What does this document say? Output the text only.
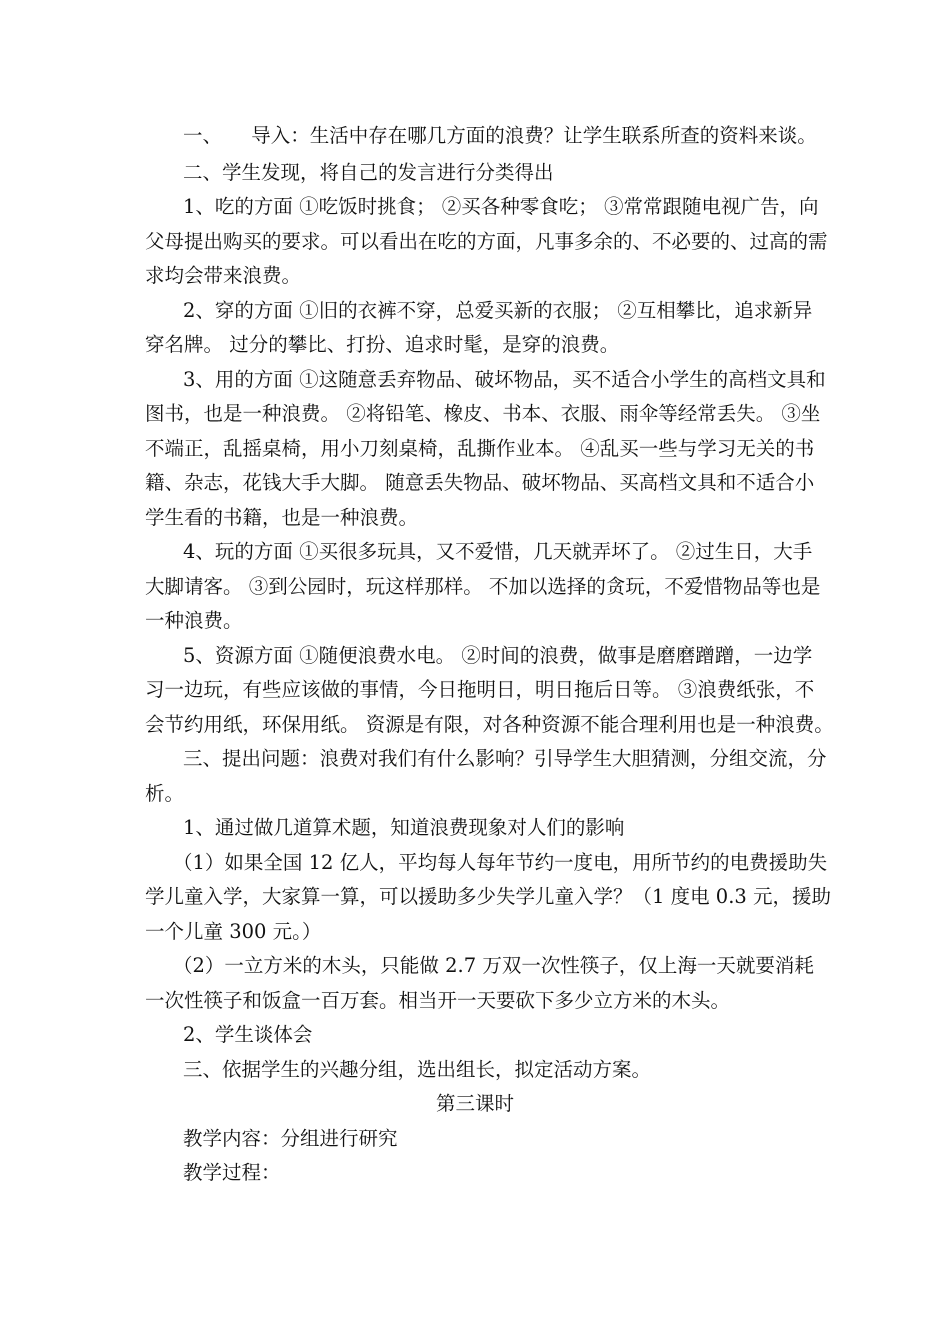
一、　　导入：生活中存在哪几方面的浪费？让学生联系所查的资料来谈。
二、学生发现，将自己的发言进行分类得出
1、吃的方面 ①吃饭时挑食； ②买各种零食吃； ③常常跟随电视广告，向
父母提出购买的要求。可以看出在吃的方面，凡事多余的、不必要的、过高的需
求均会带来浪费。
2、穿的方面 ①旧的衣裤不穿，总爱买新的衣服； ②互相攀比，追求新异
穿名牌。 过分的攀比、打扮、追求时髦，是穿的浪费。
3、用的方面 ①这随意丢弃物品、破坏物品，买不适合小学生的高档文具和
图书，也是一种浪费。 ②将铅笔、橡皮、书本、衣服、雨伞等经常丢失。 ③坐
不端正，乱摇桌椅，用小刀刻桌椅，乱撕作业本。 ④乱买一些与学习无关的书
籍、杂志，花钱大手大脚。 随意丢失物品、破坏物品、买高档文具和不适合小
学生看的书籍，也是一种浪费。
4、玩的方面 ①买很多玩具，又不爱惜，几天就弄坏了。 ②过生日，大手
大脚请客。 ③到公园时，玩这样那样。 不加以选择的贪玩，不爱惜物品等也是
一种浪费。
5、资源方面 ①随便浪费水电。 ②时间的浪费，做事是磨磨蹭蹭，一边学
习一边玩，有些应该做的事情，今日拖明日，明日拖后日等。 ③浪费纸张，不
会节约用纸，环保用纸。 资源是有限，对各种资源不能合理利用也是一种浪费。
三、提出问题：浪费对我们有什么影响？引导学生大胆猜测，分组交流，分
析。
1、通过做几道算术题，知道浪费现象对人们的影响
（1）如果全国 12 亿人，平均每人每年节约一度电，用所节约的电费援助失
学儿童入学，大家算一算，可以援助多少失学儿童入学？（1 度电 0.3 元，援助
一个儿童 300 元。）
（2）一立方米的木头，只能做 2.7 万双一次性筷子，仅上海一天就要消耗
一次性筷子和饭盒一百万套。相当开一天要砍下多少立方米的木头。
2、学生谈体会
三、依据学生的兴趣分组，选出组长，拟定活动方案。
第三课时
教学内容：分组进行研究
教学过程：
